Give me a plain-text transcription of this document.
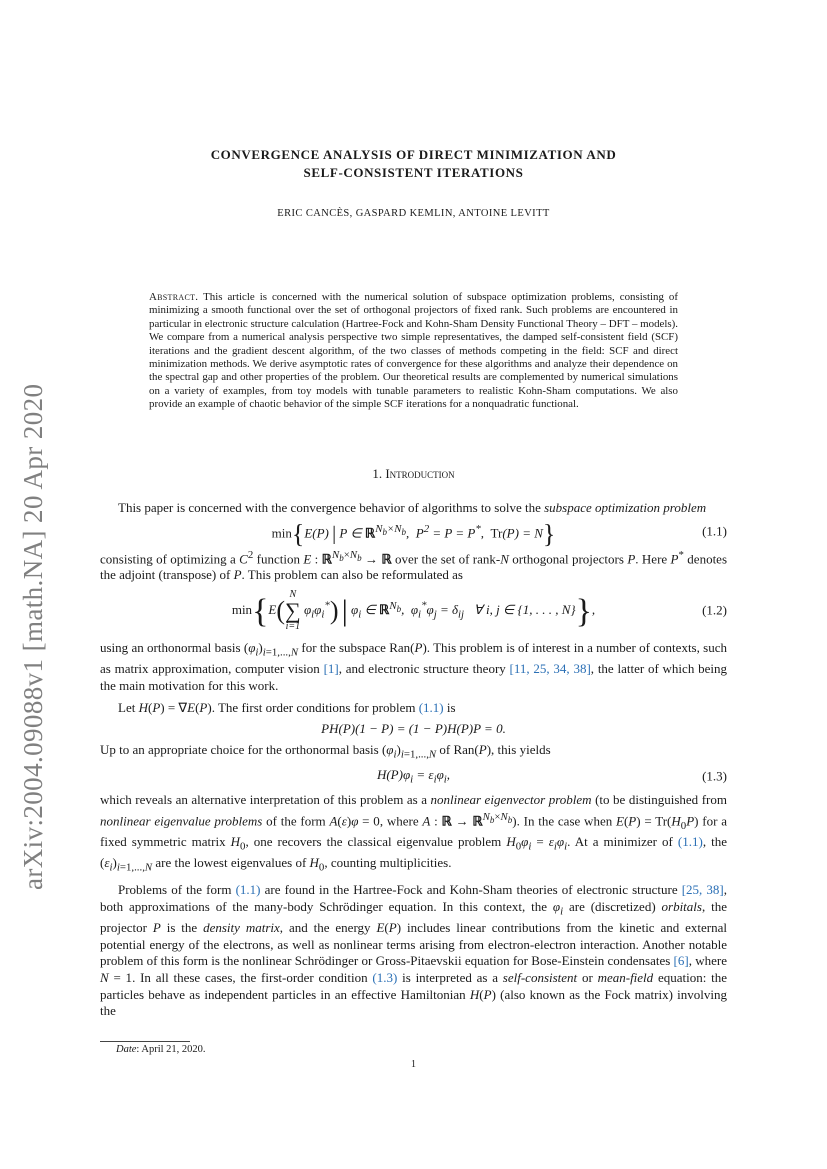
arXiv:2004.09088v1 [math.NA] 20 Apr 2020
CONVERGENCE ANALYSIS OF DIRECT MINIMIZATION AND
SELF-CONSISTENT ITERATIONS
ERIC CANCÈS, GASPARD KEMLIN, ANTOINE LEVITT
Abstract. This article is concerned with the numerical solution of subspace optimization problems, consisting of minimizing a smooth functional over the set of orthogonal projectors of fixed rank. Such problems are encountered in particular in electronic structure calculation (Hartree-Fock and Kohn-Sham Density Functional Theory – DFT – models). We compare from a numerical analysis perspective two simple representatives, the damped self-consistent field (SCF) iterations and the gradient descent algorithm, of the two classes of methods competing in the field: SCF and direct minimization methods. We derive asymptotic rates of convergence for these algorithms and analyze their dependence on the spectral gap and other properties of the problem. Our theoretical results are complemented by numerical simulations on a variety of examples, from toy models with tunable parameters to realistic Kohn-Sham computations. We also provide an example of chaotic behavior of the simple SCF iterations for a nonquadratic functional.
1. Introduction

This paper is concerned with the convergence behavior of algorithms to solve the subspace optimization problem

min{E(P) | P ∈ ℝ$^{N_b\times N_b}$,  $P^2 = P = P^*$,  Tr(P) = N}	(1.1)

consisting of optimizing a $C^2$ function E : ℝ$^{N_b\times N_b}$ → ℝ over the set of rank-N orthogonal projectors P. Here P* denotes the adjoint (transpose) of P. This problem can also be reformulated as

min{E(N
∑
i=1 $\varphi_i\varphi_i^*$) | $\varphi_i$ ∈ ℝ$^{N_b}$,  $\varphi_i^*\varphi_j = \delta_{ij}$   ∀ i, j ∈ {1, . . . , N}},	(1.2)

using an orthonormal basis $(\varphi_i)_{i=1,...,N}$ for the subspace Ran(P). This problem is of interest in a number of contexts, such as matrix approximation, computer vision [1], and electronic structure theory [11, 25, 34, 38], the latter of which being the main motivation for this work.

Let H(P) = ∇E(P). The first order conditions for problem (1.1) is

PH(P)(1 − P) = (1 − P)H(P)P = 0.

Up to an appropriate choice for the orthonormal basis $(\varphi_i)_{i=1,...,N}$ of Ran(P), this yields

$H(P)\varphi_i = \varepsilon_i\varphi_i$,	(1.3)

which reveals an alternative interpretation of this problem as a nonlinear eigenvector problem (to be distinguished from nonlinear eigenvalue problems of the form A(ε)φ = 0, where A : ℝ → ℝ$^{N_b\times N_b}$). In the case when $E(P) = Tr(H_0P)$ for a fixed symmetric matrix $H_0$, one recovers the classical eigenvalue problem $H_0\varphi_i = \varepsilon_i\varphi_i$. At a minimizer of (1.1), the $(\varepsilon_i)_{i=1,...,N}$ are the lowest eigenvalues of $H_0$, counting multiplicities.

Problems of the form (1.1) are found in the Hartree-Fock and Kohn-Sham theories of electronic structure [25, 38], both approximations of the many-body Schrödinger equation. In this context, the $\varphi_i$ are (discretized) orbitals, the projector P is the density matrix, and the energy E(P) includes linear contributions from the kinetic and external potential energy of the electrons, as well as nonlinear terms arising from electron-electron interaction. Another notable problem of this form is the nonlinear Schrödinger or Gross-Pitaevskii equation for Bose-Einstein condensates [6], where N = 1. In all these cases, the first-order condition (1.3) is interpreted as a self-consistent or mean-field equation: the particles behave as independent particles in an effective Hamiltonian H(P) (also known as the Fock matrix) involving the

Date: April 21, 2020.
1
